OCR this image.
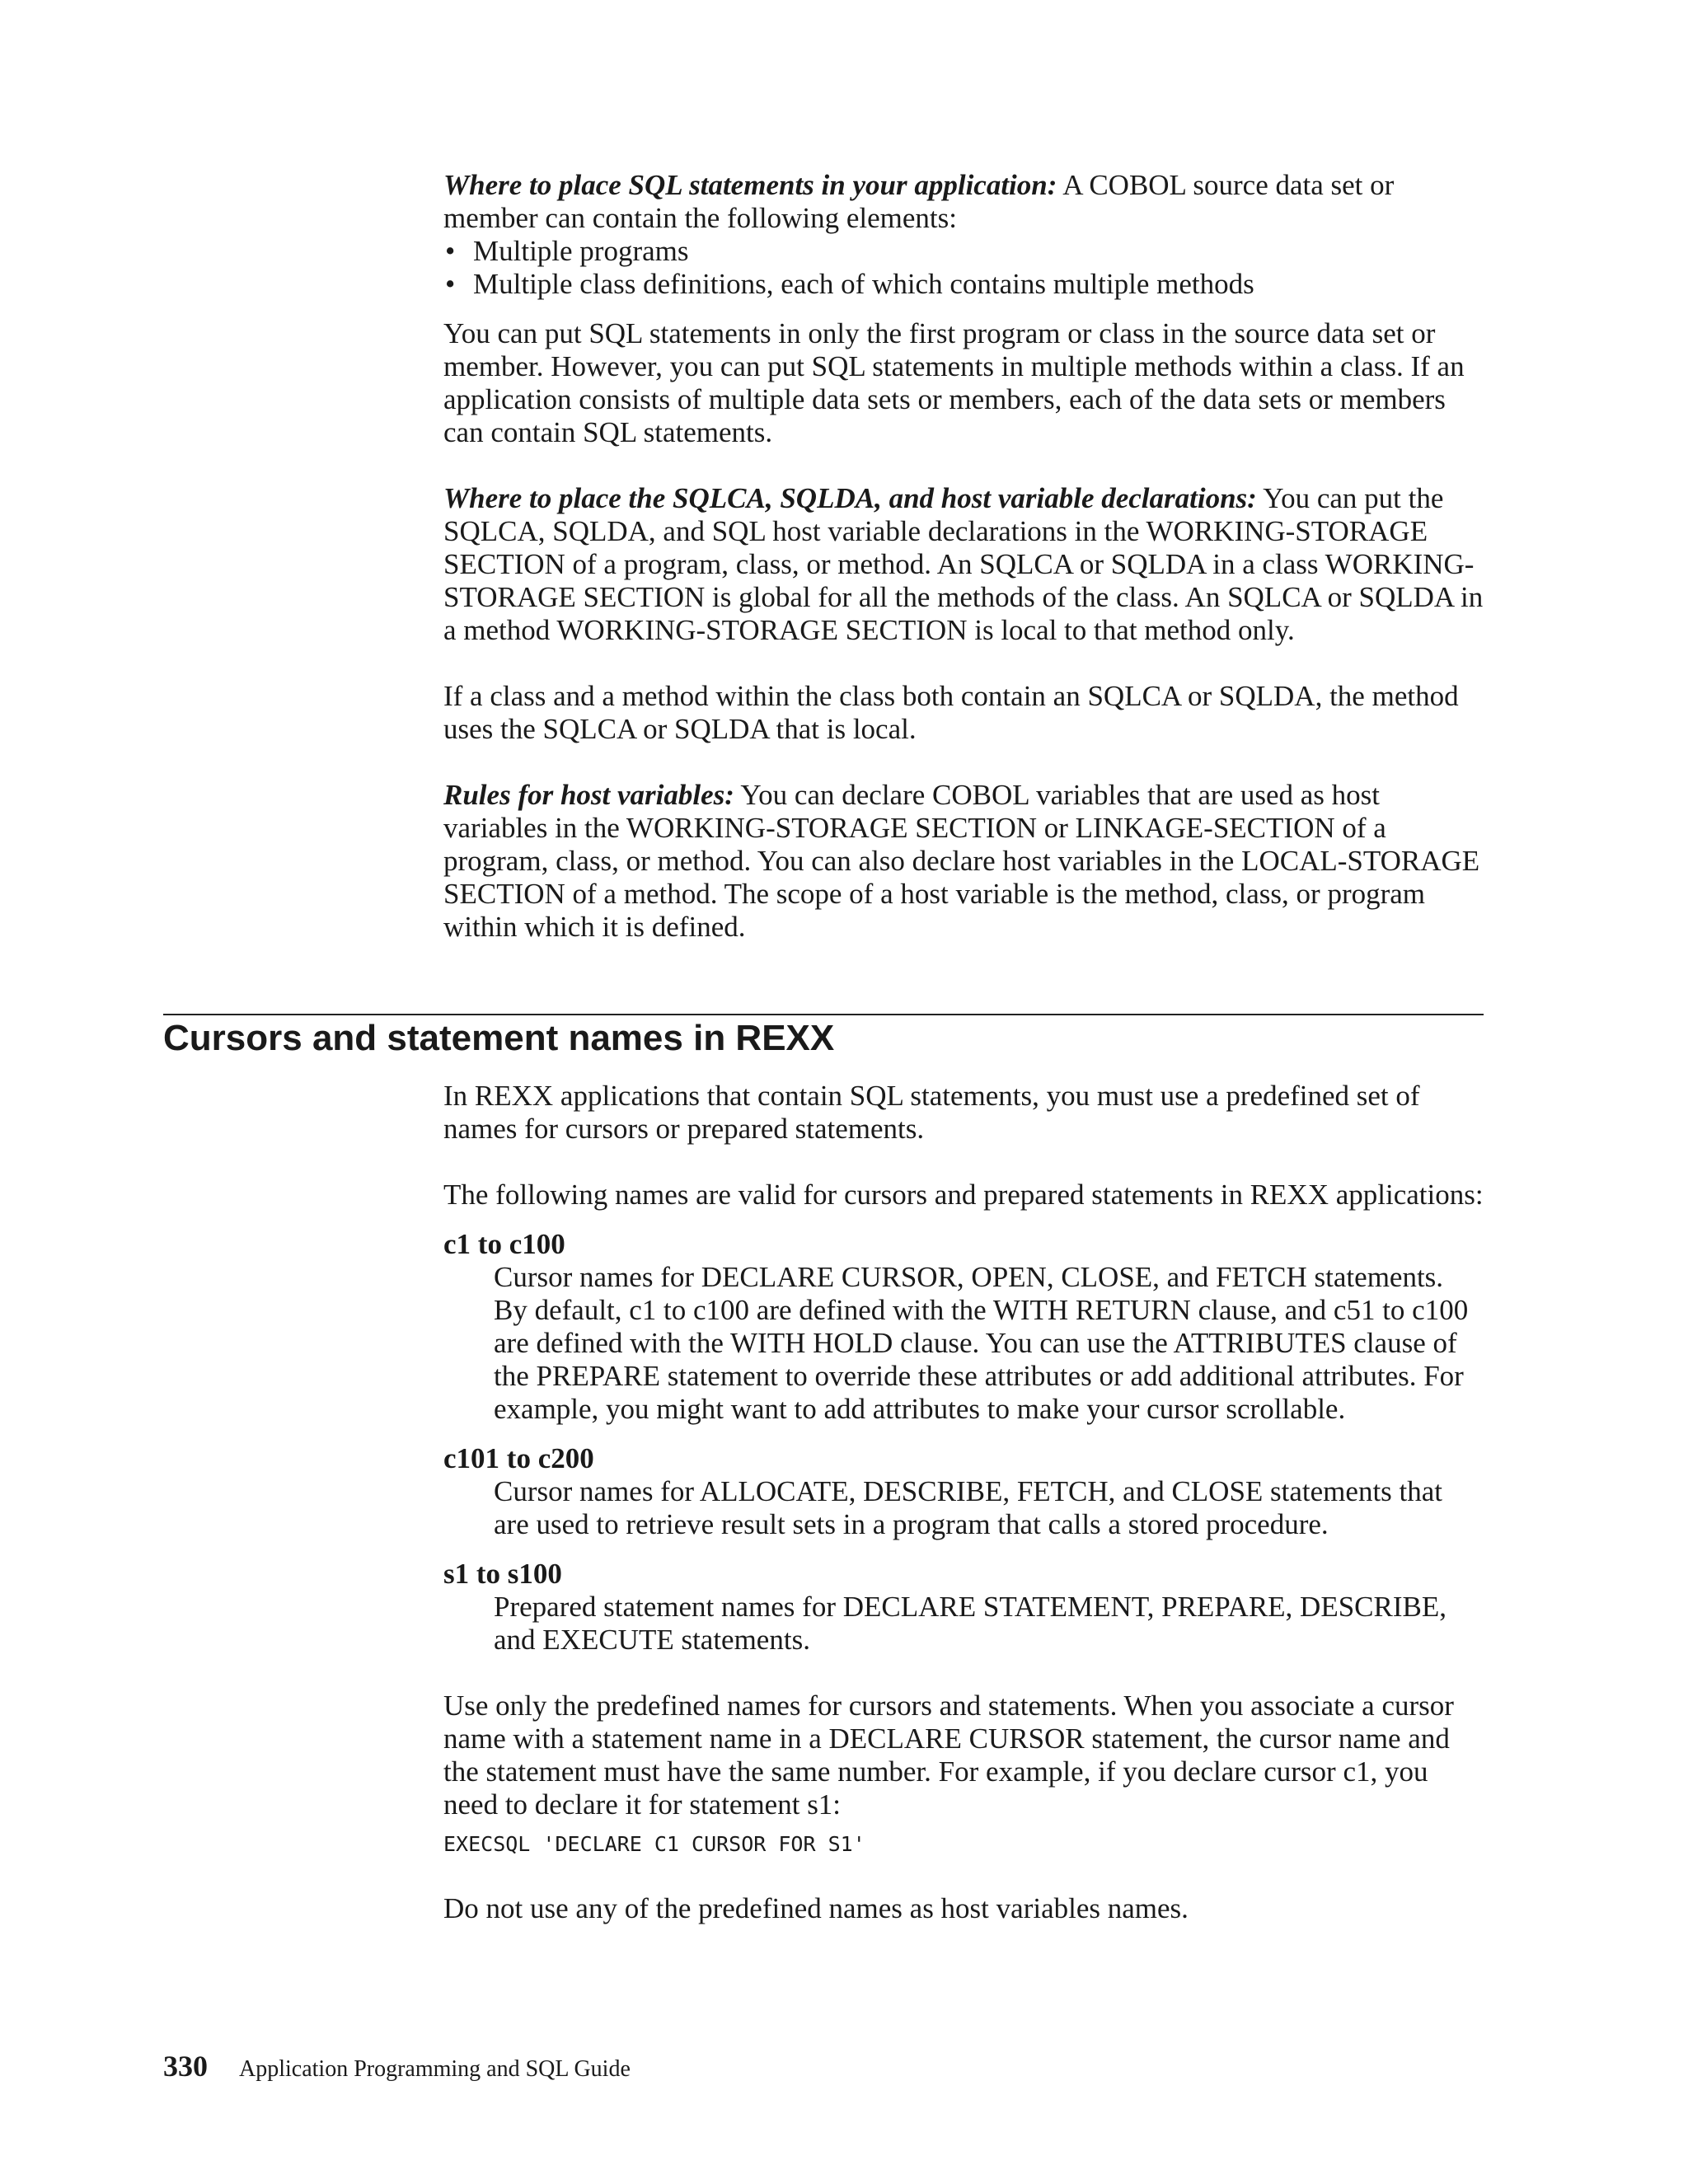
Where to place SQL statements in your application: A COBOL source data set or member can contain the following elements:

• Multiple programs
• Multiple class definitions, each of which contains multiple methods

You can put SQL statements in only the first program or class in the source data set or member. However, you can put SQL statements in multiple methods within a class. If an application consists of multiple data sets or members, each of the data sets or members can contain SQL statements.

Where to place the SQLCA, SQLDA, and host variable declarations: You can put the SQLCA, SQLDA, and SQL host variable declarations in the WORKING-STORAGE SECTION of a program, class, or method. An SQLCA or SQLDA in a class WORKING-STORAGE SECTION is global for all the methods of the class. An SQLCA or SQLDA in a method WORKING-STORAGE SECTION is local to that method only.

If a class and a method within the class both contain an SQLCA or SQLDA, the method uses the SQLCA or SQLDA that is local.

Rules for host variables: You can declare COBOL variables that are used as host variables in the WORKING-STORAGE SECTION or LINKAGE-SECTION of a program, class, or method. You can also declare host variables in the LOCAL-STORAGE SECTION of a method. The scope of a host variable is the method, class, or program within which it is defined.

Cursors and statement names in REXX

In REXX applications that contain SQL statements, you must use a predefined set of names for cursors or prepared statements.

The following names are valid for cursors and prepared statements in REXX applications:

c1 to c100
Cursor names for DECLARE CURSOR, OPEN, CLOSE, and FETCH statements. By default, c1 to c100 are defined with the WITH RETURN clause, and c51 to c100 are defined with the WITH HOLD clause. You can use the ATTRIBUTES clause of the PREPARE statement to override these attributes or add additional attributes. For example, you might want to add attributes to make your cursor scrollable.
c101 to c200
Cursor names for ALLOCATE, DESCRIBE, FETCH, and CLOSE statements that are used to retrieve result sets in a program that calls a stored procedure.
s1 to s100
Prepared statement names for DECLARE STATEMENT, PREPARE, DESCRIBE, and EXECUTE statements.

Use only the predefined names for cursors and statements. When you associate a cursor name with a statement name in a DECLARE CURSOR statement, the cursor name and the statement must have the same number. For example, if you declare cursor c1, you need to declare it for statement s1:

EXECSQL 'DECLARE C1 CURSOR FOR S1'

Do not use any of the predefined names as host variables names.

330 Application Programming and SQL Guide
